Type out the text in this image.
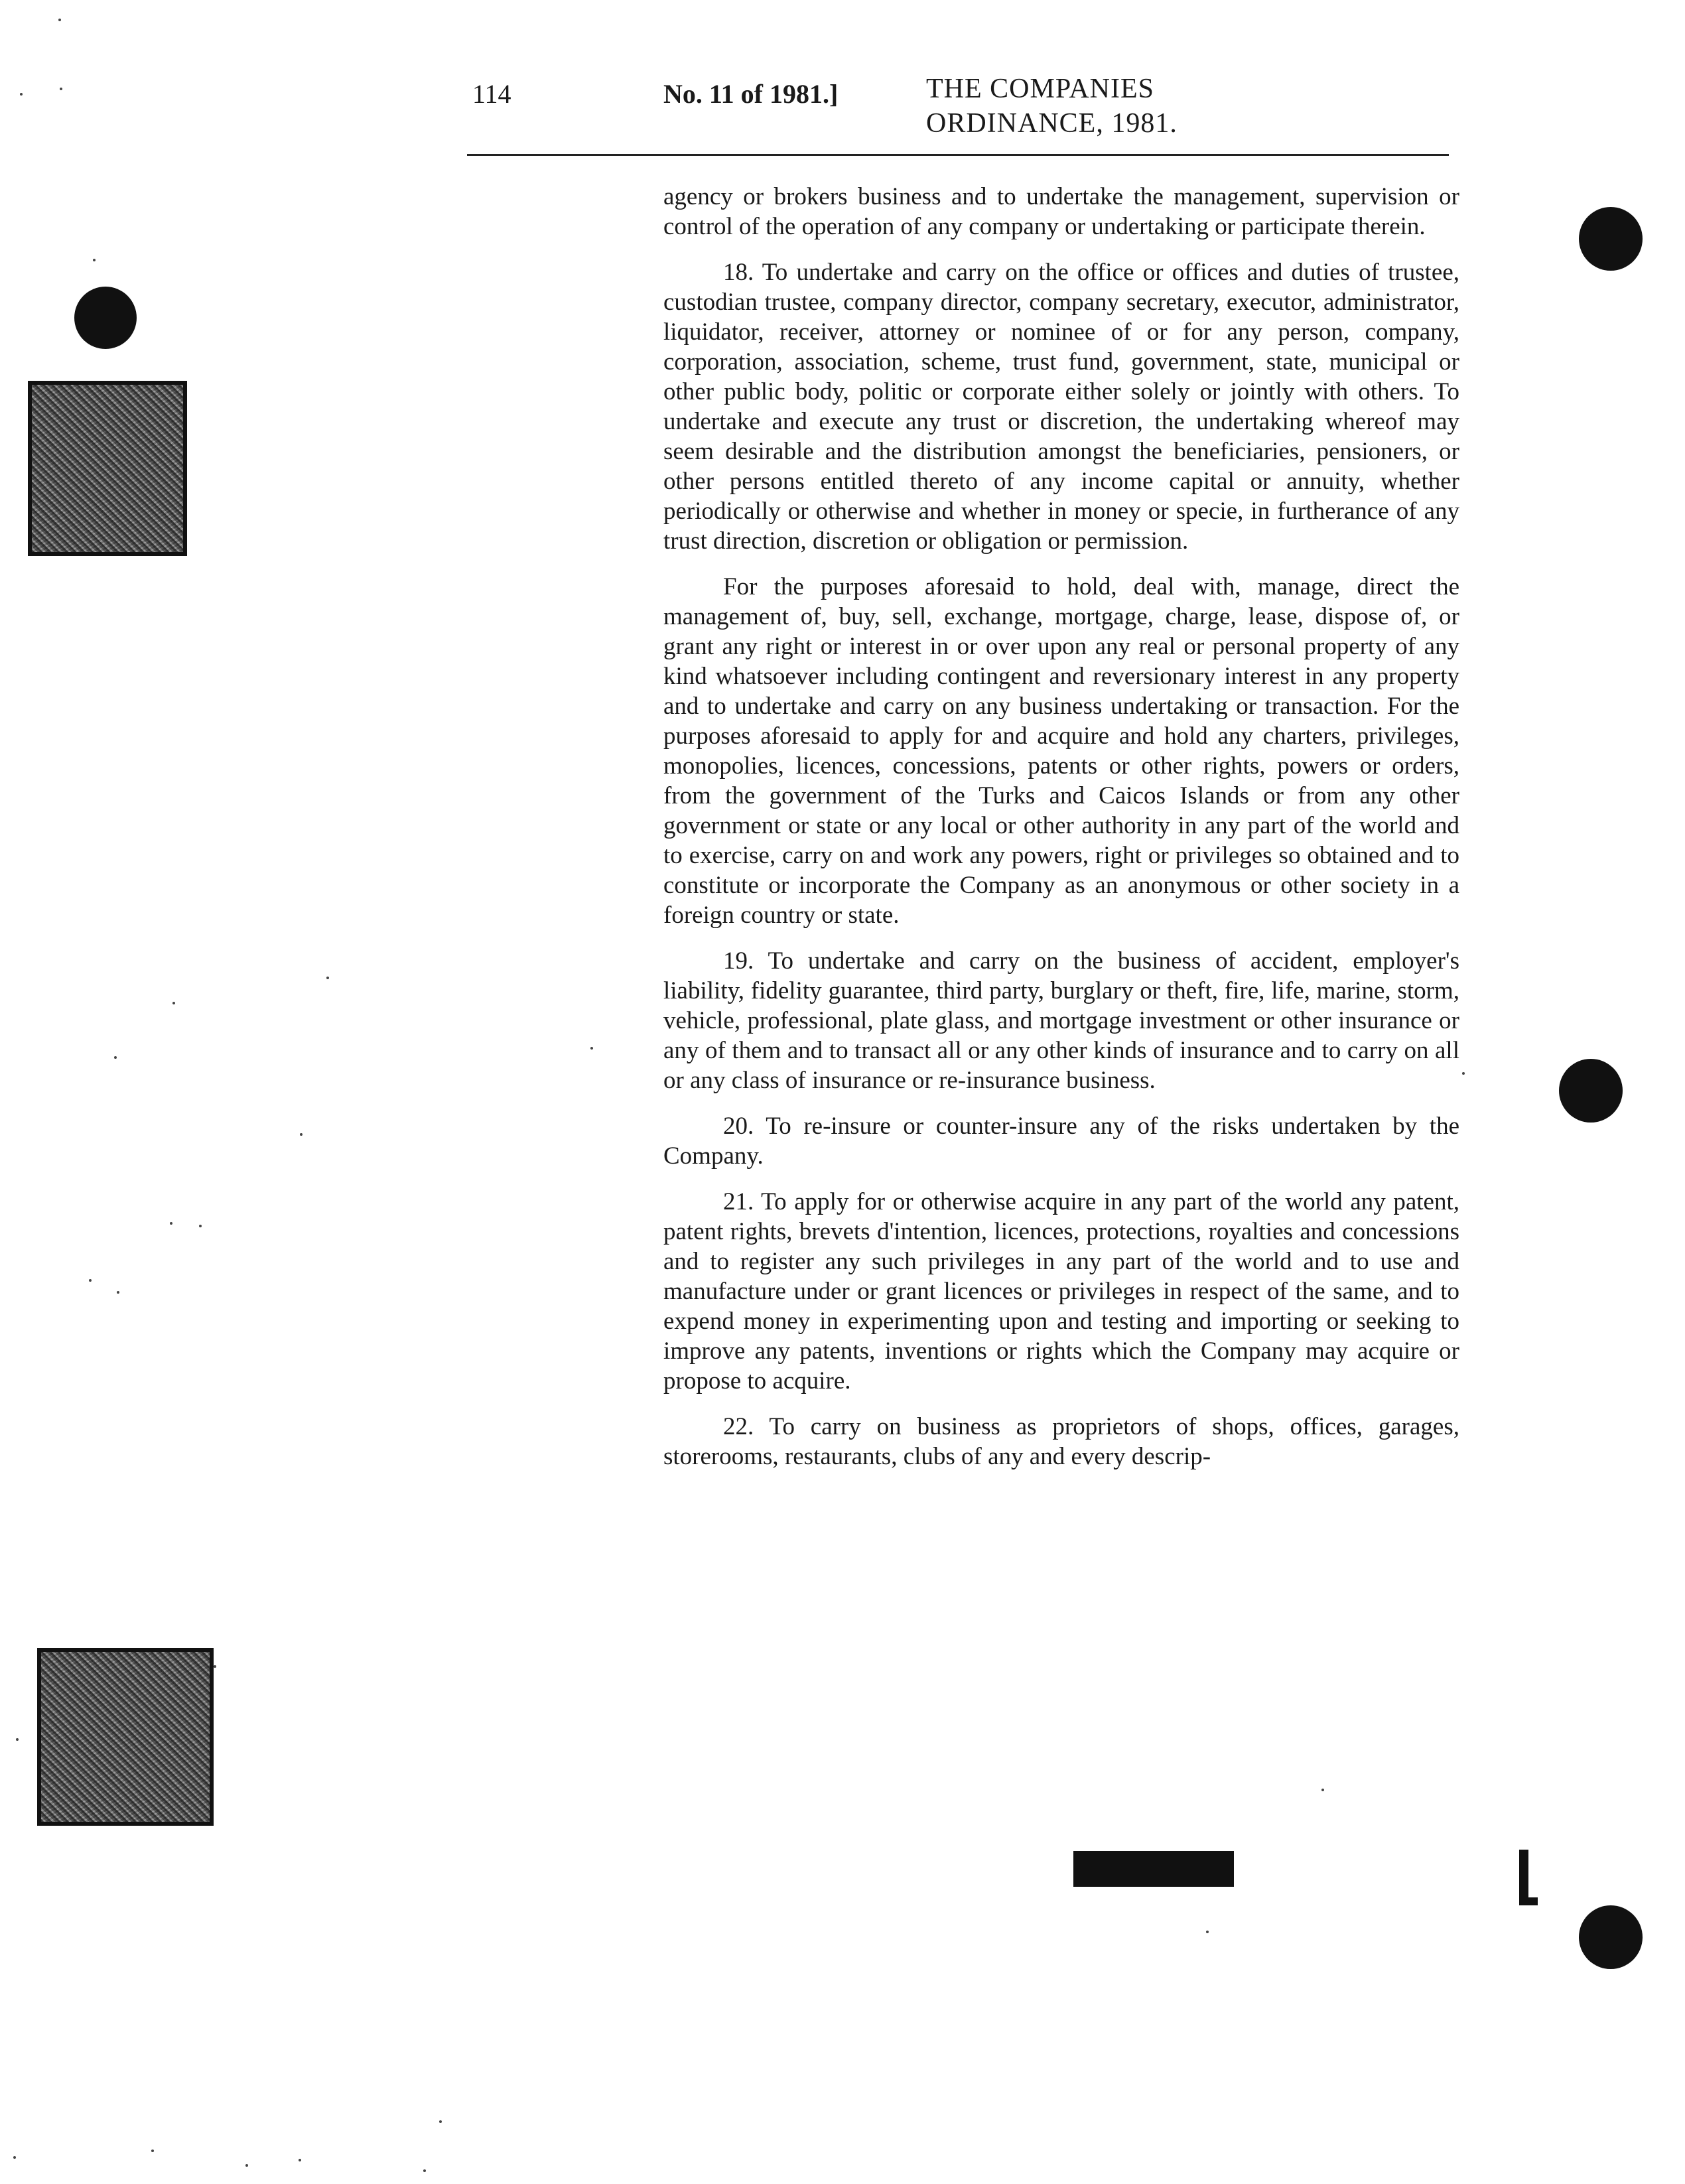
114	No. 11 of 1981.]	THE COMPANIES
ORDINANCE, 1981.

agency or brokers business and to undertake the management, supervision or control of the operation of any company or undertaking or participate therein.

18. To undertake and carry on the office or offices and duties of trustee, custodian trustee, company director, company secretary, executor, administrator, liquidator, receiver, attorney or nominee of or for any person, company, corporation, association, scheme, trust fund, government, state, municipal or other public body, politic or corporate either solely or jointly with others. To undertake and execute any trust or discretion, the undertaking whereof may seem desirable and the distribution amongst the beneficiaries, pensioners, or other persons entitled thereto of any income capital or annuity, whether periodically or otherwise and whether in money or specie, in furtherance of any trust direction, discretion or obligation or permission.

For the purposes aforesaid to hold, deal with, manage, direct the management of, buy, sell, exchange, mortgage, charge, lease, dispose of, or grant any right or interest in or over upon any real or personal property of any kind whatsoever including contingent and reversionary interest in any property and to undertake and carry on any business undertaking or transaction. For the purposes aforesaid to apply for and acquire and hold any charters, privileges, monopolies, licences, concessions, patents or other rights, powers or orders, from the government of the Turks and Caicos Islands or from any other government or state or any local or other authority in any part of the world and to exercise, carry on and work any powers, right or privileges so obtained and to constitute or incorporate the Company as an anonymous or other society in a foreign country or state.

19. To undertake and carry on the business of accident, employer's liability, fidelity guarantee, third party, burglary or theft, fire, life, marine, storm, vehicle, professional, plate glass, and mortgage investment or other insurance or any of them and to transact all or any other kinds of insurance and to carry on all or any class of insurance or re-insurance business.

20. To re-insure or counter-insure any of the risks undertaken by the Company.

21. To apply for or otherwise acquire in any part of the world any patent, patent rights, brevets d'intention, licences, protections, royalties and concessions and to register any such privileges in any part of the world and to use and manufacture under or grant licences or privileges in respect of the same, and to expend money in experimenting upon and testing and importing or seeking to improve any patents, inventions or rights which the Company may acquire or propose to acquire.

22. To carry on business as proprietors of shops, offices, garages, storerooms, restaurants, clubs of any and every descrip-
